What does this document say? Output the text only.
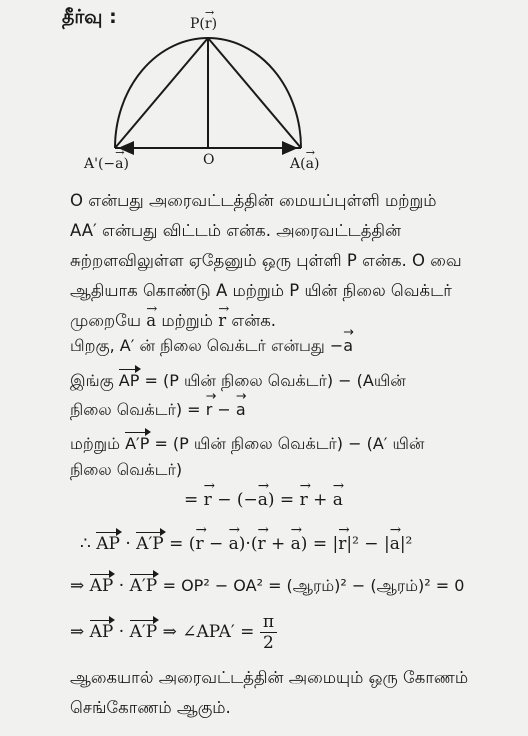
தீர்வு :	P(→ r)
A'(−→ a)	O	A(→ a)
O என்பது அரைவட்டத்தின் மையப்புள்ளி மற்றும்
AA′ என்பது விட்டம் என்க. அரைவட்டத்தின்
சுற்றளவிலுள்ள ஏதேனும் ஒரு புள்ளி P என்க. O வை
ஆதியாக கொண்டு A மற்றும் P யின் நிலை வெக்டர்
முறையே → a மற்றும் → r என்க.
பிறகு, A′ ன் நிலை வெக்டர் என்பது −→ a
இங்கு AP = (P யின் நிலை வெக்டர்) − (Aயின்
நிலை வெக்டர்) = → r − → a
மற்றும் A′P = (P யின் நிலை வெக்டர்) − (A′ யின்
நிலை வெக்டர்)
= → r − (−→ a) = → r + → a
∴ AP · A′P = (→ r − → a)·(→ r + → a) = |→ r|² − |→ a|²
⇒ AP · A′P = OP² − OA² = (ஆரம்)² − (ஆரம்)² = 0
⇒ AP · A′P ⇒ ∠APA′ = $\frac{\pi}{2}$
ஆகையால் அரைவட்டத்தின் அமையும் ஒரு கோணம்
செங்கோணம் ஆகும்.
